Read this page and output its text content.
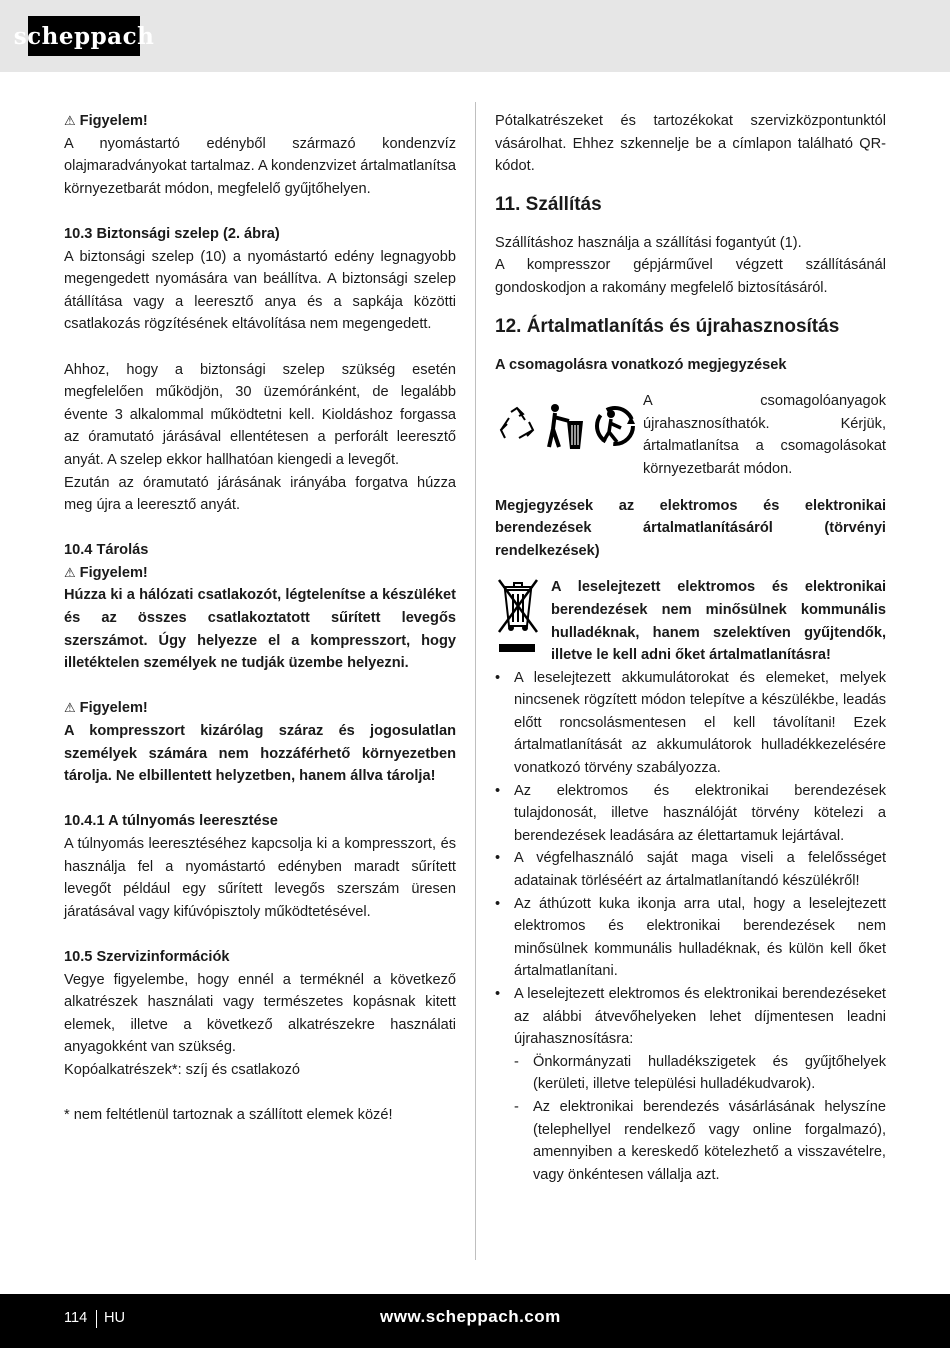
scheppach

⚠ Figyelem!

A nyomástartó edényből származó kondenzvíz olajmaradványokat tartalmaz. A kondenzvizet ártalmatlanítsa környezetbarát módon, megfelelő gyűjtőhelyen.

10.3 Biztonsági szelep (2. ábra)

A biztonsági szelep (10) a nyomástartó edény legnagyobb megengedett nyomására van beállítva. A biztonsági szelep átállítása vagy a leeresztő anya és a sapkája közötti csatlakozás rögzítésének eltávolítása nem megengedett.

Ahhoz, hogy a biztonsági szelep szükség esetén megfelelően működjön, 30 üzemóránként, de legalább évente 3 alkalommal működtetni kell. Kioldáshoz forgassa az óramutató járásával ellentétesen a perforált leeresztő anyát. A szelep ekkor hallhatóan kiengedi a levegőt.

Ezután az óramutató járásának irányába forgatva húzza meg újra a leeresztő anyát.

10.4 Tárolás

⚠ Figyelem!

Húzza ki a hálózati csatlakozót, légtelenítse a készüléket és az összes csatlakoztatott sűrített levegős szerszámot. Úgy helyezze el a kompresszort, hogy illetéktelen személyek ne tudják üzembe helyezni.

⚠ Figyelem!

A kompresszort kizárólag száraz és jogosulatlan személyek számára nem hozzáférhető környezetben tárolja. Ne elbillentett helyzetben, hanem állva tárolja!

10.4.1 A túlnyomás leeresztése

A túlnyomás leeresztéséhez kapcsolja ki a kompresszort, és használja fel a nyomástartó edényben maradt sűrített levegőt például egy sűrített levegős szerszám üresen járatásával vagy kifúvópisztoly működtetésével.

10.5 Szervizinformációk

Vegye figyelembe, hogy ennél a terméknél a következő alkatrészek használati vagy természetes kopásnak kitett elemek, illetve a következő alkatrészekre használati anyagokként van szükség.

Kopóalkatrészek*: szíj és csatlakozó

* nem feltétlenül tartoznak a szállított elemek közé!

Pótalkatrészeket és tartozékokat szervizközpontunktól vásárolhat. Ehhez szkennelje be a címlapon található QR-kódot.

11. Szállítás

Szállításhoz használja a szállítási fogantyút (1).

A kompresszor gépjárművel végzett szállításánál gondoskodjon a rakomány megfelelő biztosításáról.

12. Ártalmatlanítás és újrahasznosítás

A csomagolásra vonatkozó megjegyzések

A csomagolóanyagok újrahasznosíthatók. Kérjük, ártalmatlanítsa a csomagolásokat környezetbarát módon.

Megjegyzések az elektromos és elektronikai berendezések ártalmatlanításáról (törvényi rendelkezések)

A leselejtezett elektromos és elektronikai berendezések nem minősülnek kommunális hulladéknak, hanem szelektíven gyűjtendők, illetve le kell adni őket ártalmatlanításra!

• A leselejtezett akkumulátorokat és elemeket, melyek nincsenek rögzített módon telepítve a készülékbe, leadás előtt roncsolásmentesen el kell távolítani! Ezek ártalmatlanítását az akkumulátorok hulladékkezelésére vonatkozó törvény szabályozza.
• Az elektromos és elektronikai berendezések tulajdonosát, illetve használóját törvény kötelezi a berendezések leadására az élettartamuk lejártával.
• A végfelhasználó saját maga viseli a felelősséget adatainak törléséért az ártalmatlanítandó készülékről!
• Az áthúzott kuka ikonja arra utal, hogy a leselejtezett elektromos és elektronikai berendezések nem minősülnek kommunális hulladéknak, és külön kell őket ártalmatlanítani.
• A leselejtezett elektromos és elektronikai berendezéseket az alábbi átvevőhelyeken lehet díjmentesen leadni újrahasznosításra:
- Önkormányzati hulladékszigetek és gyűjtőhelyek (kerületi, illetve települési hulladékudvarok).
- Az elektronikai berendezés vásárlásának helyszíne (telephellyel rendelkező vagy online forgalmazó), amennyiben a kereskedő kötelezhető a visszavételre, vagy önkéntesen vállalja azt.
114 HU	www.scheppach.com
